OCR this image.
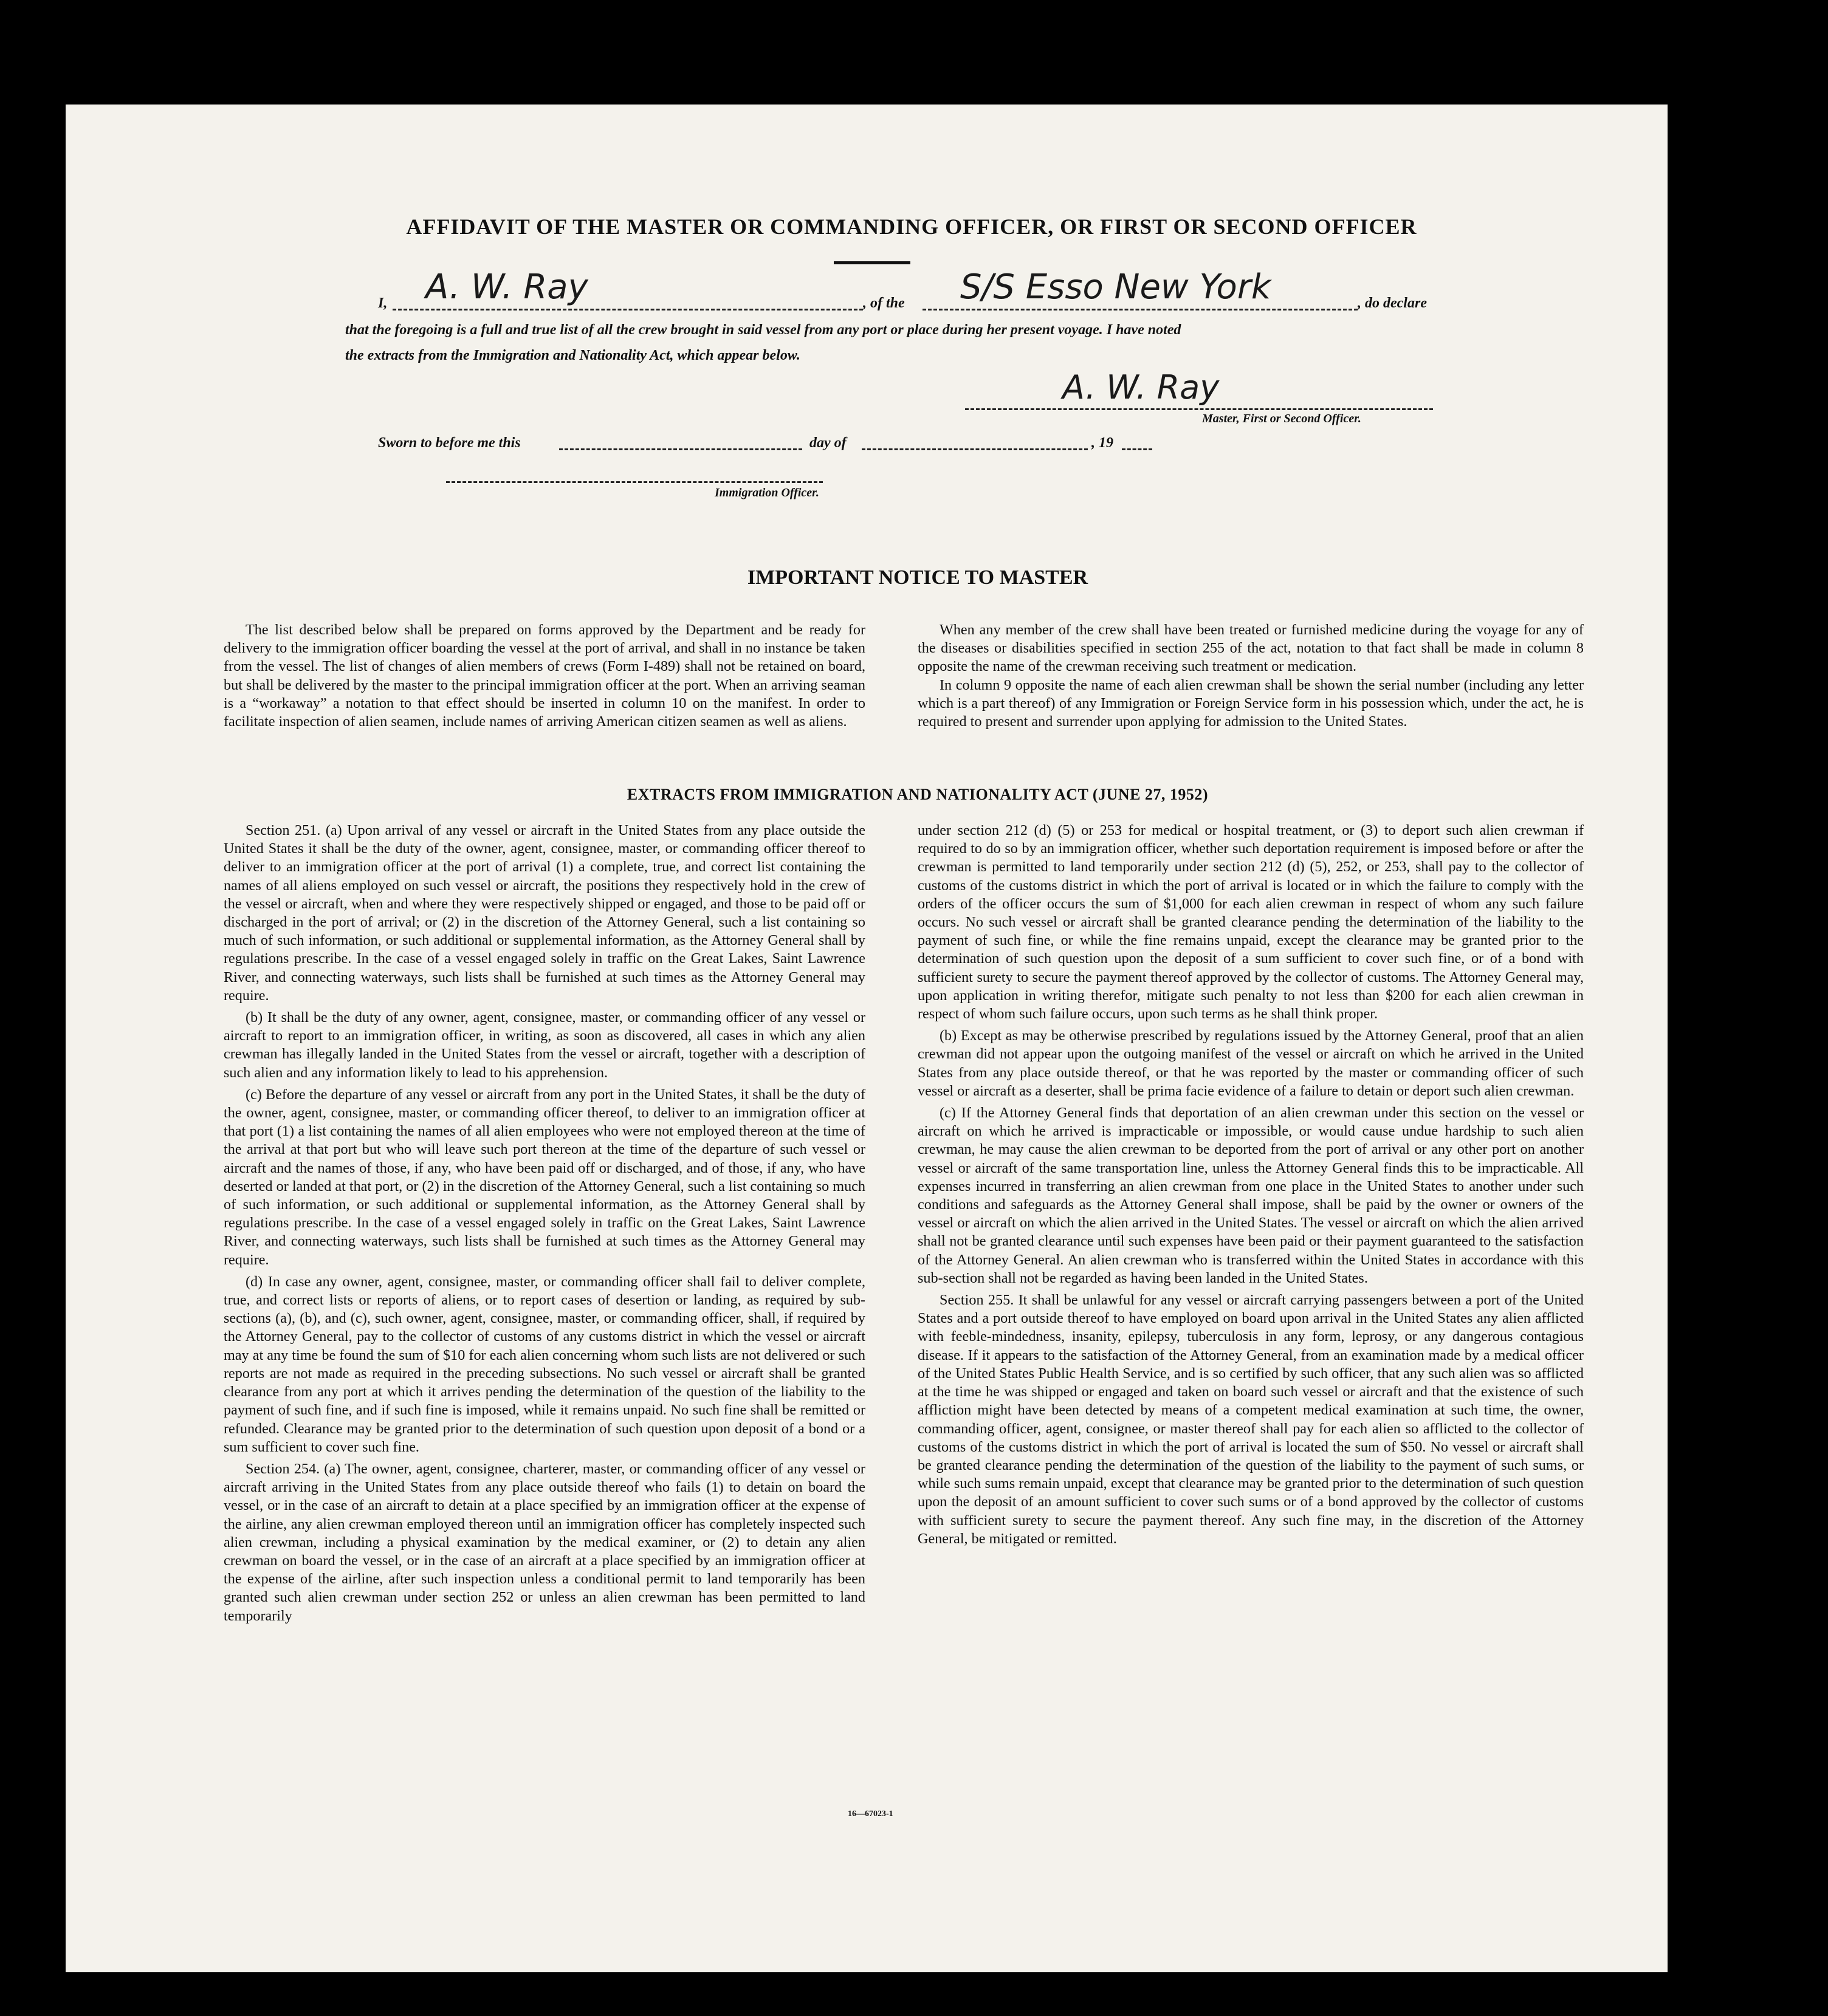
AFFIDAVIT OF THE MASTER OR COMMANDING OFFICER, OR FIRST OR SECOND OFFICER
I, A. W. Ray	, of the S/S Esso New York	, do declare
that the foregoing is a full and true list of all the crew brought in said vessel from any port or place during her present voyage. I have noted
the extracts from the Immigration and Nationality Act, which appear below.
A. W. Ray
Master, First or Second Officer.
Sworn to before me this	day of	, 19
Immigration Officer.
IMPORTANT NOTICE TO MASTER

The list described below shall be prepared on forms approved by the Department and be ready for delivery to the immigration officer boarding the vessel at the port of arrival, and shall in no instance be taken from the vessel. The list of changes of alien members of crews (Form I-489) shall not be retained on board, but shall be delivered by the master to the principal immigration officer at the port. When an arriving seaman is a “workaway” a notation to that effect should be inserted in column 10 on the manifest. In order to facilitate inspection of alien seamen, include names of arriving American citizen seamen as well as aliens.

When any member of the crew shall have been treated or furnished medicine during the voyage for any of the diseases or disabilities specified in section 255 of the act, notation to that fact shall be made in column 8 opposite the name of the crewman receiving such treatment or medication.

In column 9 opposite the name of each alien crewman shall be shown the serial number (including any letter which is a part thereof) of any Immigration or Foreign Service form in his possession which, under the act, he is required to present and surrender upon applying for admission to the United States.

EXTRACTS FROM IMMIGRATION AND NATIONALITY ACT (JUNE 27, 1952)

Section 251. (a) Upon arrival of any vessel or aircraft in the United States from any place outside the United States it shall be the duty of the owner, agent, consignee, master, or commanding officer thereof to deliver to an immigration officer at the port of arrival (1) a complete, true, and correct list containing the names of all aliens employed on such vessel or aircraft, the positions they respectively hold in the crew of the vessel or aircraft, when and where they were respectively shipped or engaged, and those to be paid off or discharged in the port of arrival; or (2) in the discretion of the Attorney General, such a list containing so much of such information, or such additional or supplemental information, as the Attorney General shall by regulations prescribe. In the case of a vessel engaged solely in traffic on the Great Lakes, Saint Lawrence River, and connecting waterways, such lists shall be furnished at such times as the Attorney General may require.

(b) It shall be the duty of any owner, agent, consignee, master, or commanding officer of any vessel or aircraft to report to an immigration officer, in writing, as soon as discovered, all cases in which any alien crewman has illegally landed in the United States from the vessel or aircraft, together with a description of such alien and any information likely to lead to his apprehension.

(c) Before the departure of any vessel or aircraft from any port in the United States, it shall be the duty of the owner, agent, consignee, master, or commanding officer thereof, to deliver to an immigration officer at that port (1) a list containing the names of all alien employees who were not employed thereon at the time of the arrival at that port but who will leave such port thereon at the time of the departure of such vessel or aircraft and the names of those, if any, who have been paid off or discharged, and of those, if any, who have deserted or landed at that port, or (2) in the discretion of the Attorney General, such a list containing so much of such information, or such additional or supplemental information, as the Attorney General shall by regulations prescribe. In the case of a vessel engaged solely in traffic on the Great Lakes, Saint Lawrence River, and connecting waterways, such lists shall be furnished at such times as the Attorney General may require.

(d) In case any owner, agent, consignee, master, or commanding officer shall fail to deliver complete, true, and correct lists or reports of aliens, or to report cases of desertion or landing, as required by sub-sections (a), (b), and (c), such owner, agent, consignee, master, or commanding officer, shall, if required by the Attorney General, pay to the collector of customs of any customs district in which the vessel or aircraft may at any time be found the sum of $10 for each alien concerning whom such lists are not delivered or such reports are not made as required in the preceding subsections. No such vessel or aircraft shall be granted clearance from any port at which it arrives pending the determination of the question of the liability to the payment of such fine, and if such fine is imposed, while it remains unpaid. No such fine shall be remitted or refunded. Clearance may be granted prior to the determination of such question upon deposit of a bond or a sum sufficient to cover such fine.

Section 254. (a) The owner, agent, consignee, charterer, master, or commanding officer of any vessel or aircraft arriving in the United States from any place outside thereof who fails (1) to detain on board the vessel, or in the case of an aircraft to detain at a place specified by an immigration officer at the expense of the airline, any alien crewman employed thereon until an immigration officer has completely inspected such alien crewman, including a physical examination by the medical examiner, or (2) to detain any alien crewman on board the vessel, or in the case of an aircraft at a place specified by an immigration officer at the expense of the airline, after such inspection unless a conditional permit to land temporarily has been granted such alien crewman under section 252 or unless an alien crewman has been permitted to land temporarily

under section 212 (d) (5) or 253 for medical or hospital treatment, or (3) to deport such alien crewman if required to do so by an immigration officer, whether such deportation requirement is imposed before or after the crewman is permitted to land temporarily under section 212 (d) (5), 252, or 253, shall pay to the collector of customs of the customs district in which the port of arrival is located or in which the failure to comply with the orders of the officer occurs the sum of $1,000 for each alien crewman in respect of whom any such failure occurs. No such vessel or aircraft shall be granted clearance pending the determination of the liability to the payment of such fine, or while the fine remains unpaid, except the clearance may be granted prior to the determination of such question upon the deposit of a sum sufficient to cover such fine, or of a bond with sufficient surety to secure the payment thereof approved by the collector of customs. The Attorney General may, upon application in writing therefor, mitigate such penalty to not less than $200 for each alien crewman in respect of whom such failure occurs, upon such terms as he shall think proper.

(b) Except as may be otherwise prescribed by regulations issued by the Attorney General, proof that an alien crewman did not appear upon the outgoing manifest of the vessel or aircraft on which he arrived in the United States from any place outside thereof, or that he was reported by the master or commanding officer of such vessel or aircraft as a deserter, shall be prima facie evidence of a failure to detain or deport such alien crewman.

(c) If the Attorney General finds that deportation of an alien crewman under this section on the vessel or aircraft on which he arrived is impracticable or impossible, or would cause undue hardship to such alien crewman, he may cause the alien crewman to be deported from the port of arrival or any other port on another vessel or aircraft of the same transportation line, unless the Attorney General finds this to be impracticable. All expenses incurred in transferring an alien crewman from one place in the United States to another under such conditions and safeguards as the Attorney General shall impose, shall be paid by the owner or owners of the vessel or aircraft on which the alien arrived in the United States. The vessel or aircraft on which the alien arrived shall not be granted clearance until such expenses have been paid or their payment guaranteed to the satisfaction of the Attorney General. An alien crewman who is transferred within the United States in accordance with this sub-section shall not be regarded as having been landed in the United States.

Section 255. It shall be unlawful for any vessel or aircraft carrying passengers between a port of the United States and a port outside thereof to have employed on board upon arrival in the United States any alien afflicted with feeble-mindedness, insanity, epilepsy, tuberculosis in any form, leprosy, or any dangerous contagious disease. If it appears to the satisfaction of the Attorney General, from an examination made by a medical officer of the United States Public Health Service, and is so certified by such officer, that any such alien was so afflicted at the time he was shipped or engaged and taken on board such vessel or aircraft and that the existence of such affliction might have been detected by means of a competent medical examination at such time, the owner, commanding officer, agent, consignee, or master thereof shall pay for each alien so afflicted to the collector of customs of the customs district in which the port of arrival is located the sum of $50. No vessel or aircraft shall be granted clearance pending the determination of the question of the liability to the payment of such sums, or while such sums remain unpaid, except that clearance may be granted prior to the determination of such question upon the deposit of an amount sufficient to cover such sums or of a bond approved by the collector of customs with sufficient surety to secure the payment thereof. Any such fine may, in the discretion of the Attorney General, be mitigated or remitted.

16—67023-1
